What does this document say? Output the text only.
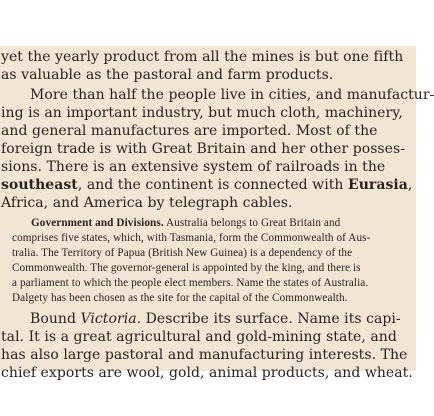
yet the yearly product from all the mines is but one fifth
as valuable as the pastoral and farm products.
More than half the people live in cities, and manufactur-
ing is an important industry, but much cloth, machinery,
and general manufactures are imported. Most of the
foreign trade is with Great Britain and her other posses-
sions. There is an extensive system of railroads in the
southeast, and the continent is connected with Eurasia,
Africa, and America by telegraph cables.
Government and Divisions. Australia belongs to Great Britain and
comprises five states, which, with Tasmania, form the Commonwealth of Aus-
tralia. The Territory of Papua (British New Guinea) is a dependency of the
Commonwealth. The governor-general is appointed by the king, and there is
a parliament to which the people elect members. Name the states of Australia.
Dalgety has been chosen as the site for the capital of the Commonwealth.
Bound Victoria. Describe its surface. Name its capi-
tal. It is a great agricultural and gold-mining state, and
has also large pastoral and manufacturing interests. The
chief exports are wool, gold, animal products, and wheat.
